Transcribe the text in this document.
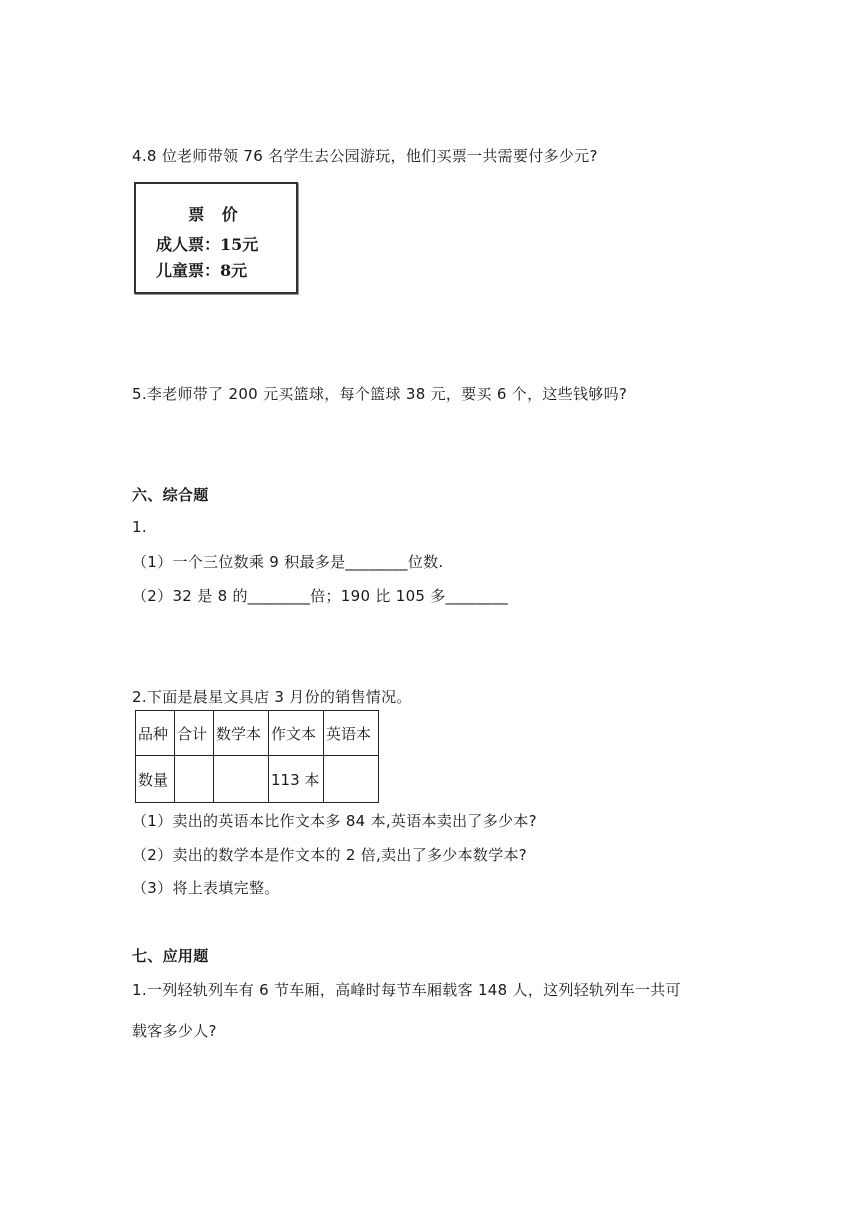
4.8 位老师带领 76 名学生去公园游玩，他们买票一共需要付多少元?
票 价
成人票：15元
儿童票：8元
5.李老师带了 200 元买篮球，每个篮球 38 元，要买 6 个，这些钱够吗?
六、综合题
1.
（1）一个三位数乘 9 积最多是________位数.
（2）32 是 8 的________倍；190 比 105 多________
2.下面是晨星文具店 3 月份的销售情况。
品种	合计	数学本	作文本	英语本
数量			113 本	
（1）卖出的英语本比作文本多 84 本,英语本卖出了多少本?
（2）卖出的数学本是作文本的 2 倍,卖出了多少本数学本?
（3）将上表填完整。
七、应用题
1.一列轻轨列车有 6 节车厢，高峰时每节车厢载客 148 人，这列轻轨列车一共可
载客多少人?
